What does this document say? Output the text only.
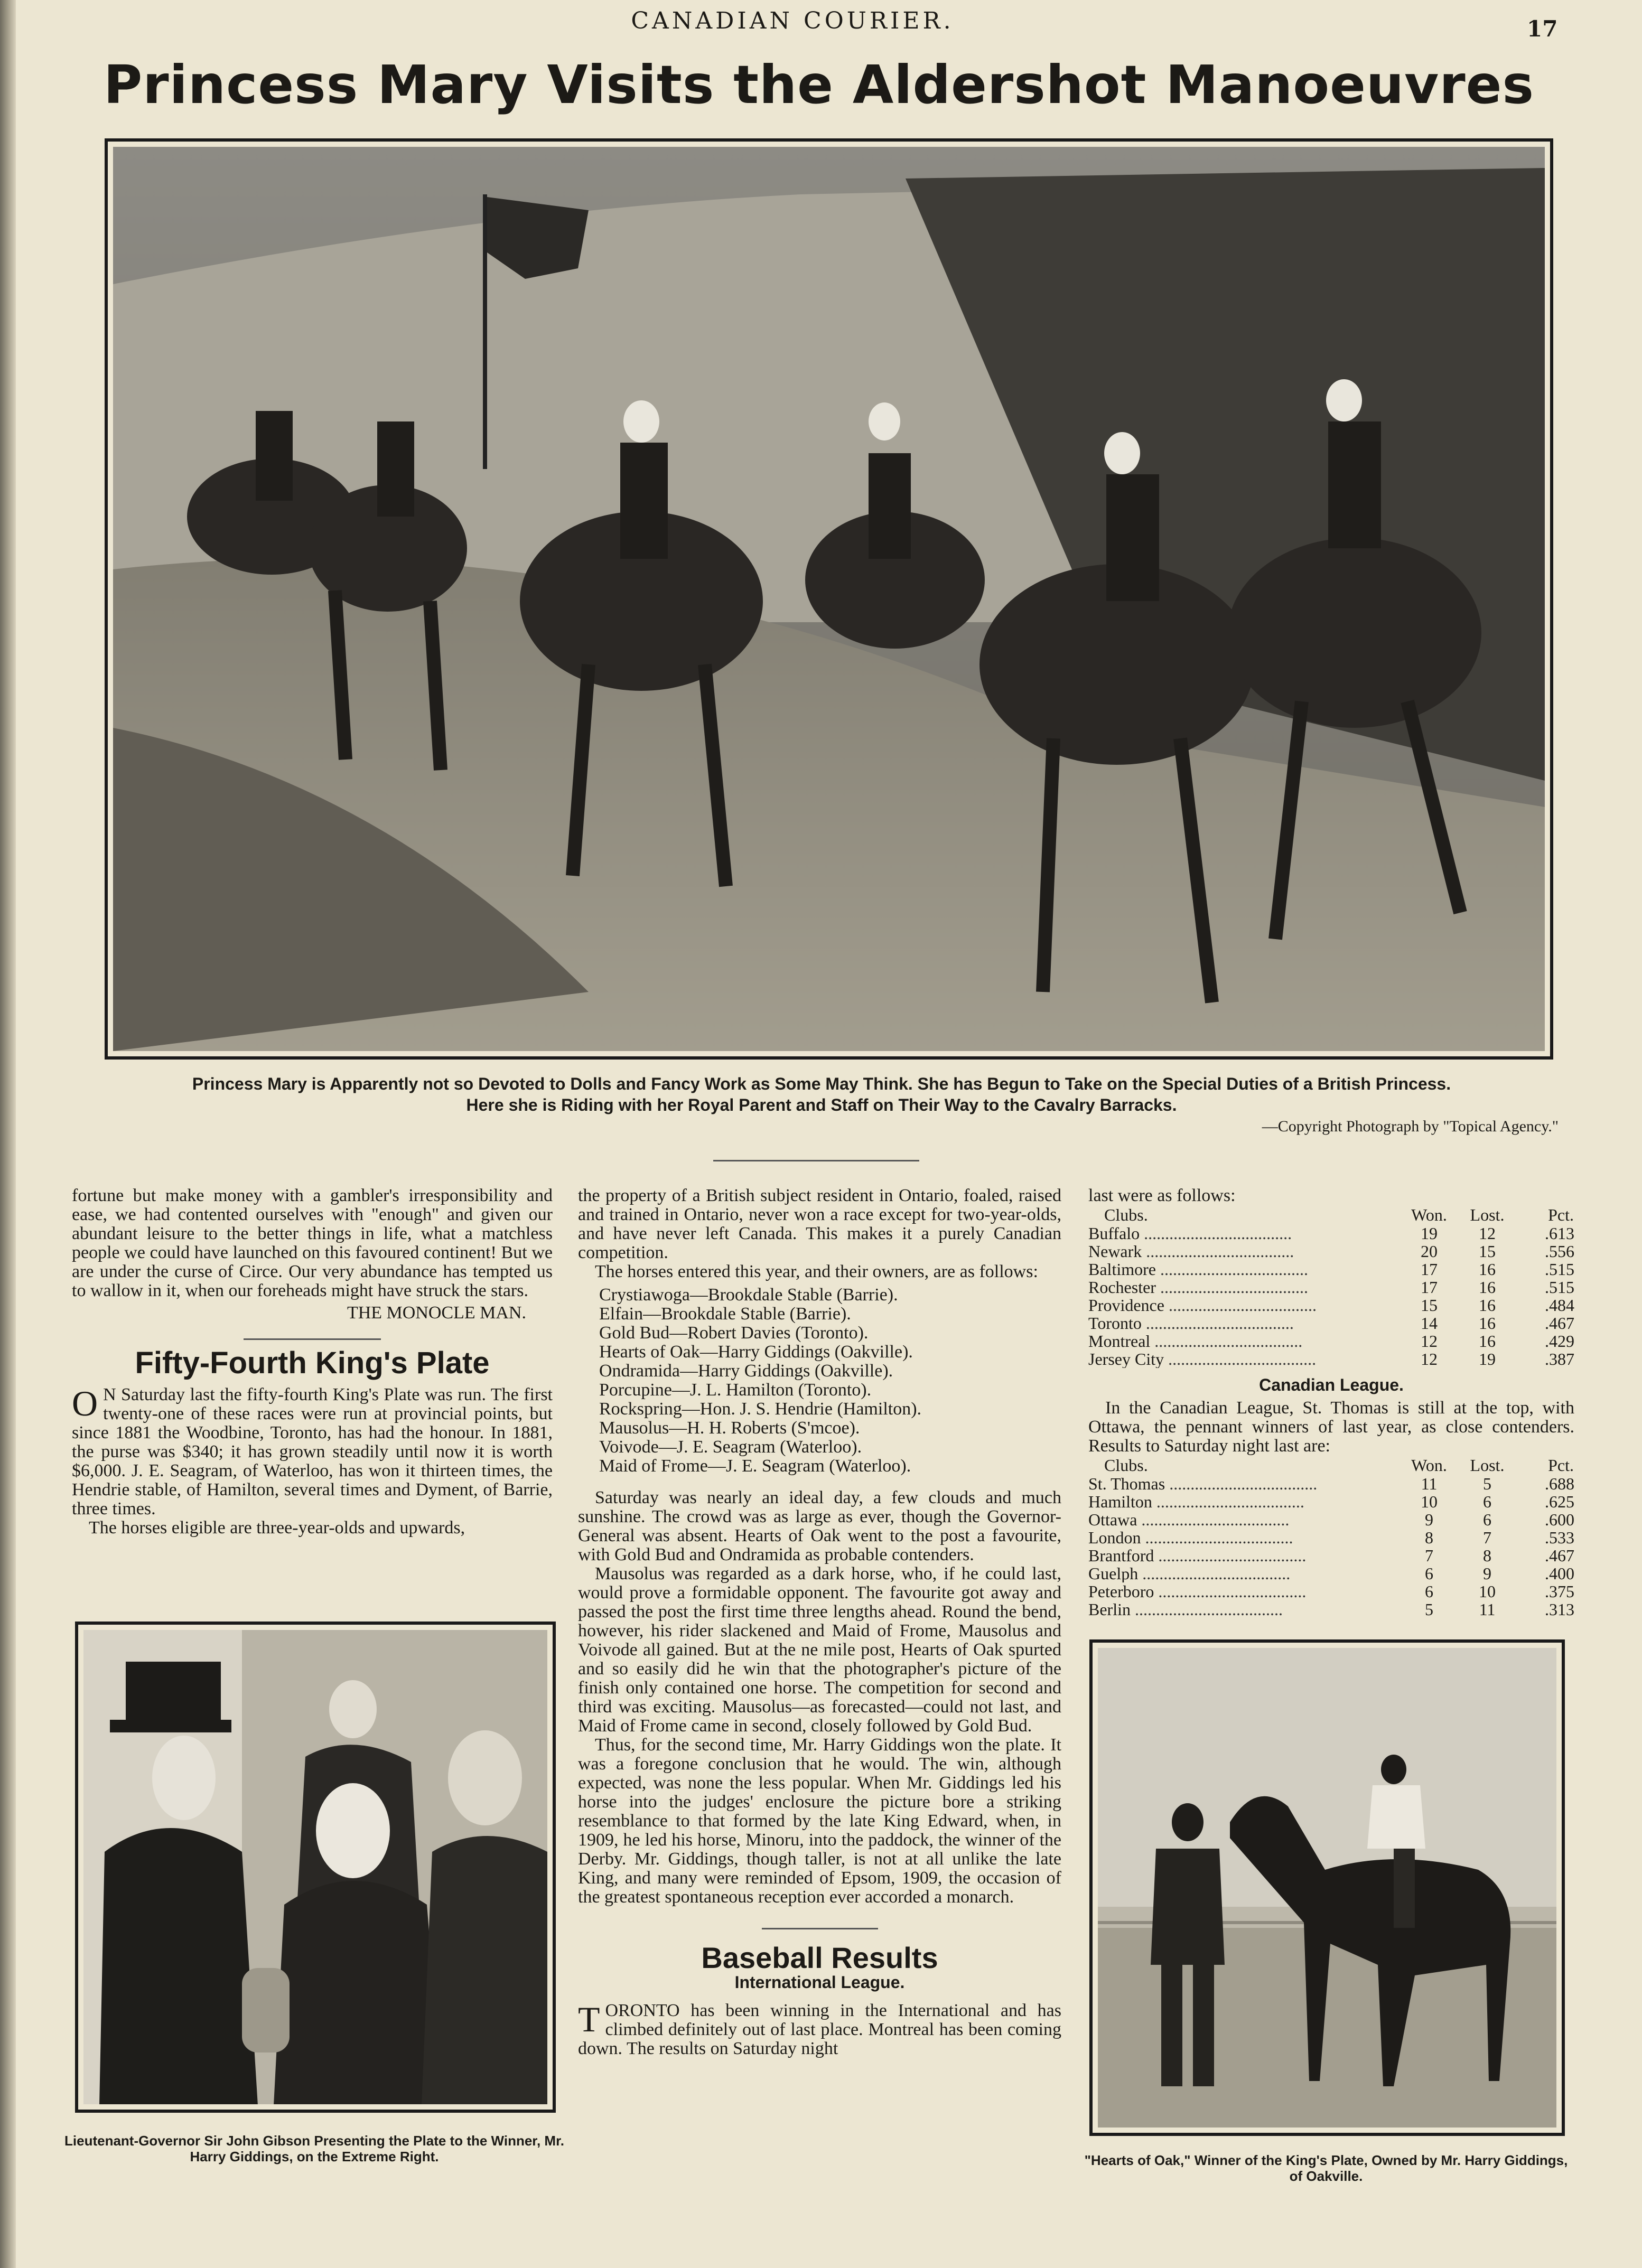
CANADIAN COURIER.	17
Princess Mary Visits the Aldershot Manoeuvres
Princess Mary is Apparently not so Devoted to Dolls and Fancy Work as Some May Think. She has Begun to Take on the Special Duties of a British Princess.
Here she is Riding with her Royal Parent and Staff on Their Way to the Cavalry Barracks.
—Copyright Photograph by "Topical Agency."

fortune but make money with a gambler's irresponsibility and ease, we had contented ourselves with "enough" and given our abundant leisure to the better things in life, what a matchless people we could have launched on this favoured continent! But we are under the curse of Circe. Our very abundance has tempted us to wallow in it, when our foreheads might have struck the stars.

THE MONOCLE MAN.

Fifty-Fourth King's Plate

O N Saturday last the fifty-fourth King's Plate was run. The first twenty-one of these races were run at provincial points, but since 1881 the Woodbine, Toronto, has had the honour. In 1881, the purse was $340; it has grown steadily until now it is worth $6,000. J. E. Seagram, of Waterloo, has won it thirteen times, the Hendrie stable, of Hamilton, several times and Dyment, of Barrie, three times.

The horses eligible are three-year-olds and upwards,

Lieutenant-Governor Sir John Gibson Presenting the Plate to the Winner, Mr. Harry Giddings, on the Extreme Right.

the property of a British subject resident in Ontario, foaled, raised and trained in Ontario, never won a race except for two-year-olds, and have never left Canada. This makes it a purely Canadian competition.

The horses entered this year, and their owners, are as follows:

Crystiawoga—Brookdale Stable (Barrie).

Elfain—Brookdale Stable (Barrie).

Gold Bud—Robert Davies (Toronto).

Hearts of Oak—Harry Giddings (Oakville).

Ondramida—Harry Giddings (Oakville).

Porcupine—J. L. Hamilton (Toronto).

Rockspring—Hon. J. S. Hendrie (Hamilton).

Mausolus—H. H. Roberts (S'mcoe).

Voivode—J. E. Seagram (Waterloo).

Maid of Frome—J. E. Seagram (Waterloo).

Saturday was nearly an ideal day, a few clouds and much sunshine. The crowd was as large as ever, though the Governor-General was absent. Hearts of Oak went to the post a favourite, with Gold Bud and Ondramida as probable contenders.

Mausolus was regarded as a dark horse, who, if he could last, would prove a formidable opponent. The favourite got away and passed the post the first time three lengths ahead. Round the bend, however, his rider slackened and Maid of Frome, Mausolus and Voivode all gained. But at the ne mile post, Hearts of Oak spurted and so easily did he win that the photographer's picture of the finish only contained one horse. The competition for second and third was exciting. Mausolus—as forecasted—could not last, and Maid of Frome came in second, closely followed by Gold Bud.

Thus, for the second time, Mr. Harry Giddings won the plate. It was a foregone conclusion that he would. The win, although expected, was none the less popular. When Mr. Giddings led his horse into the judges' enclosure the picture bore a striking resemblance to that formed by the late King Edward, when, in 1909, he led his horse, Minoru, into the paddock, the winner of the Derby. Mr. Giddings, though taller, is not at all unlike the late King, and many were reminded of Epsom, 1909, the occasion of the greatest spontaneous reception ever accorded a monarch.

Baseball Results
International League.

TORONTO has been winning in the International and has climbed definitely out of last place. Montreal has been coming down. The results on Saturday night

last were as follows:

Clubs.	Won.	Lost.	Pct.
Buffalo .....	19	12	.613
Newark .....	20	15	.556
Baltimore .....	17	16	.515
Rochester .....	17	16	.515
Providence .....	15	16	.484
Toronto .....	14	16	.467
Montreal .....	12	16	.429
Jersey City .....	12	19	.387
Canadian League.

In the Canadian League, St. Thomas is still at the top, with Ottawa, the pennant winners of last year, as close contenders. Results to Saturday night last are:

Clubs.	Won.	Lost.	Pct.
St. Thomas .....	11	5	.688
Hamilton .....	10	6	.625
Ottawa .....	9	6	.600
London .....	8	7	.533
Brantford .....	7	8	.467
Guelph .....	6	9	.400
Peterboro .....	6	10	.375
Berlin .....	5	11	.313
"Hearts of Oak," Winner of the King's Plate, Owned by Mr. Harry Giddings, of Oakville.
